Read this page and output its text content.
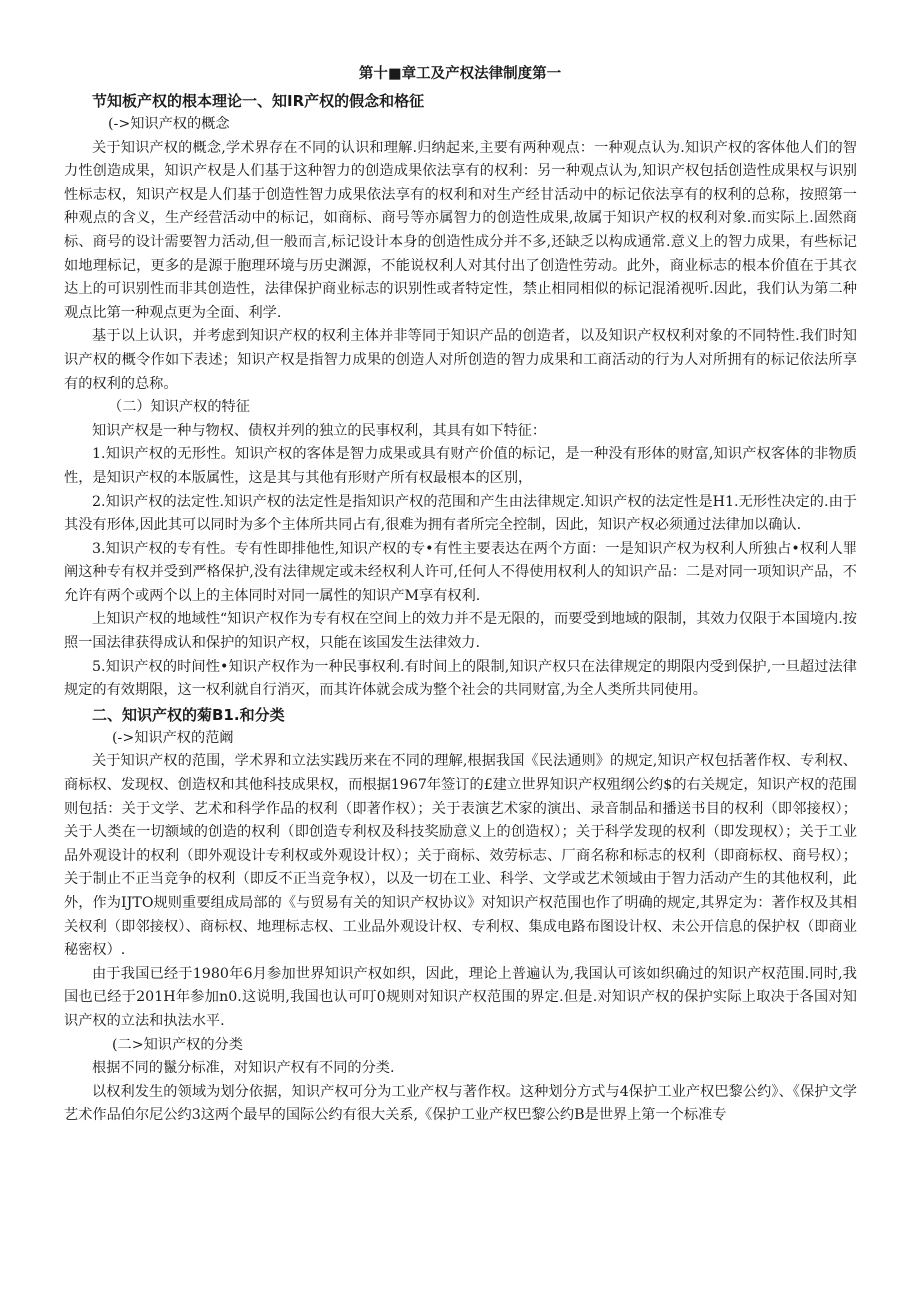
第十■章工及产权法律制度第一
节知板产权的根本理论一、知IR产权的假念和格征
(->知识产权的概念
关于知识产权的概念,学术界存在不同的认识和理解.归纳起来,主要有两种观点：一种观点认为.知识产权的客体他人们的智力性创造成果，知识产权是人们基于这种智力的创造成果依法享有的权利：另一种观点认为,知识产权包括创造性成果权与识别性标志权，知识产权是人们基于创造性智力成果依法享有的权利和对生产经甘活动中的标记依法享有的权利的总称，按照第一种观点的含义，生产经营活动中的标记，如商标、商号等亦属智力的创造性成果,故属于知识产权的权利对象.而实际上.固然商标、商号的设计需要智力活动,但一般而言,标记设计本身的创造性成分并不多,还缺乏以构成通常.意义上的智力成果，有些标记如地理标记，更多的是源于胞理环境与历史渊源，不能说权利人对其付出了创造性劳动。此外，商业标志的根本价值在于其衣达上的可识别性而非其创造性，法律保护商业标志的识别性或者特定性，禁止相同相似的标记混淆视听.因此，我们认为第二种观点比第一种观点更为全面、利学.
基于以上认识，并考虑到知识产权的权利主体并非等同于知识产品的创造者，以及知识产权权利对象的不同特性.我们时知识产权的概令作如下表述；知识产权是指智力成果的创造人对所创造的智力成果和工商活动的行为人对所拥有的标记依法所享有的权利的总称。
（二）知识产权的特征
知识产权是一种与物权、债权并列的独立的民事权利，其具有如下特征：
1.知识产权的无形性。知识产权的客体是智力成果或具有财产价值的标记，是一种没有形体的财富,知识产权客体的非物质性，是知识产权的本版属性，这是其与其他有形财产所有权最根本的区別，
2.知识产权的法定性.知识产权的法定性是指知识产权的范围和产生由法律规定.知识产权的法定性是H1.无形性决定的.由于其没有形体,因此其可以同时为多个主体所共同占有,很难为拥有者所完全控制，因此，知识产权必须通过法律加以确认.
3.知识产权的专有性。专有性即排他性,知识产权的专•有性主要表达在两个方面：一是知识产权为权利人所独占•权利人罪阐这种专有权并受到严格保护,没有法律规定或未经权利人许可,任何人不得使用权利人的知识产品：二是对同一项知识产品，不允许有两个或两个以上的主体同时对同一属性的知识产M享有权利.
上知识产权的地域性“知识产权作为专有权在空间上的效力并不是无限的，而要受到地域的限制，其效力仅限于本国境内.按照一国法律获得成认和保护的知识产权，只能在该国发生法律效力.
5.知识产权的时间性•知识产权作为一种民事权利.有时间上的限制,知识产权只在法律规定的期限内受到保护,一旦超过法律规定的有效期限，这一权利就自行消灭，而其许体就会成为整个社会的共同财富,为全人类所共同使用。
二、知识产权的菊B1.和分类
(->知识产权的范阚
关于知识产权的范围，学术界和立法实践历来在不同的理解,根据我国《民法通则》的规定,知识产权包括著作权、专利权、商标权、发现权、创造权和其他科技成果权，而根据1967年签订的£建立世界知识产权殂纲公约$的右关规定，知识产权的范围则包括：关于文学、艺术和科学作品的权利（即著作权）；关于表演艺术家的演出、录音制品和播送书目的权利（即邻接权）；关于人类在一切额域的创造的权利（即创造专利权及科技奖励意义上的创造权）；关于科学发现的权利（即发现权）；关于工业品外观设计的权利（即外观设计专利权或外观设计权）；关于商标、效劳标志、厂商名称和标志的权利（即商标权、商号权）；关于制止不正当竞争的权利（即反不正当竞争权），以及一切在工业、科学、文学或艺术领域由于智力活动产生的其他权利，此外，作为IJTO规则重要组成局部的《与贸易有关的知识产权协议》对知识产权范围也作了明确的规定,其界定为：著作权及其相关权利（即邻接权）、商标权、地理标志权、工业品外观设计权、专利权、集成电路布图设计权、未公开信息的保护权（即商业秘密权）.
由于我国已经于1980年6月参加世界知识产权如织，因此，理论上普遍认为,我国认可该如织确过的知识产权范围.同时,我国也已经于201H年参加n0.这说明,我国也认可叮0规则对知识产权范围的界定.但是.对知识产权的保护实际上取决于各国对知识产权的立法和执法水平.
(二>知识产权的分类
根据不同的鬣分标准，对知识产权有不同的分类.
以权利发生的领域为划分依据，知识产权可分为工业产权与著作权。这种划分方式与4保护工业产权巴黎公约》、《保护文学艺术作品伯尔尼公约3这两个最早的国际公约有很大关系,《保护工业产权巴黎公约B是世界上第一个标准专
